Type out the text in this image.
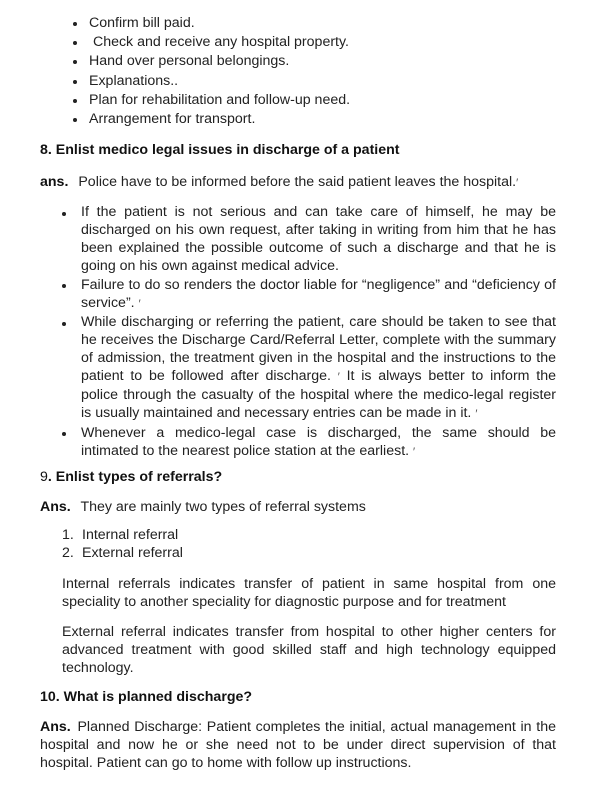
Confirm bill paid.
Check and receive any hospital property.
Hand over personal belongings.
Explanations..
Plan for rehabilitation and follow-up need.
Arrangement for transport.
8. Enlist medico legal issues in discharge of a patient
ans. Police have to be informed before the said patient leaves the hospital.′
If the patient is not serious and can take care of himself, he may be discharged on his own request, after taking in writing from him that he has been explained the possible outcome of such a discharge and that he is going on his own against medical advice.
Failure to do so renders the doctor liable for “negligence” and “deficiency of service”. ′
While discharging or referring the patient, care should be taken to see that he receives the Discharge Card/Referral Letter, complete with the summary of admission, the treatment given in the hospital and the instructions to the patient to be followed after discharge. ′ It is always better to inform the police through the casualty of the hospital where the medico-legal register is usually maintained and necessary entries can be made in it. ′
Whenever a medico-legal case is discharged, the same should be intimated to the nearest police station at the earliest. ′
9. Enlist types of referrals?
Ans. They are mainly two types of referral systems
1. Internal referral
2. External referral

Internal referrals indicates transfer of patient in same hospital from one speciality to another speciality for diagnostic purpose and for treatment

External referral indicates transfer from hospital to other higher centers for advanced treatment with good skilled staff and high technology equipped technology.

10. What is planned discharge?

Ans. Planned Discharge: Patient completes the initial, actual management in the hospital and now he or she need not to be under direct supervision of that hospital. Patient can go to home with follow up instructions.
